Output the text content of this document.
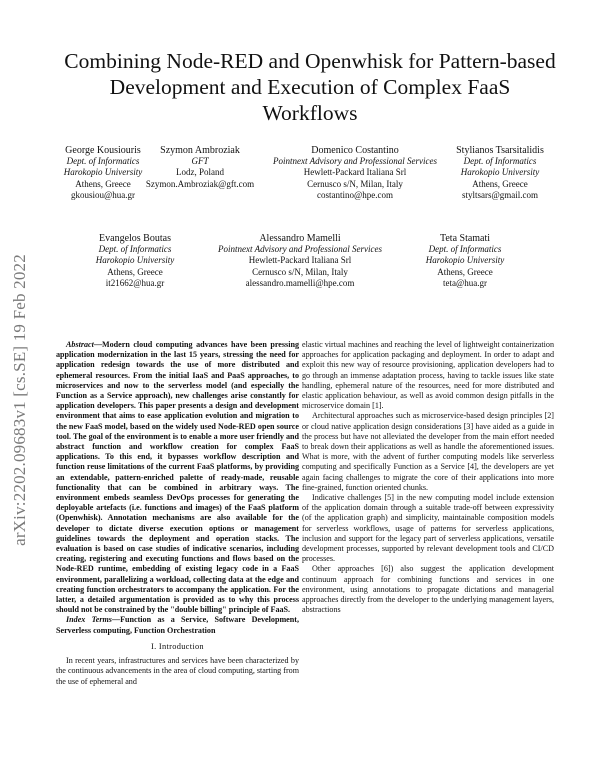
arXiv:2202.09683v1 [cs.SE] 19 Feb 2022
Combining Node-RED and Openwhisk for Pattern-based Development and Execution of Complex FaaS Workflows
George Kousiouris
Dept. of Informatics
Harokopio University
Athens, Greece
gkousiou@hua.gr
Szymon Ambroziak
GFT
Lodz, Poland
Szymon.Ambroziak@gft.com
Domenico Costantino
Pointnext Advisory and Professional Services
Hewlett-Packard Italiana Srl
Cernusco s/N, Milan, Italy
costantino@hpe.com
Stylianos Tsarsitalidis
Dept. of Informatics
Harokopio University
Athens, Greece
styltsars@gmail.com
Evangelos Boutas
Dept. of Informatics
Harokopio University
Athens, Greece
it21662@hua.gr
Alessandro Mamelli
Pointnext Advisory and Professional Services
Hewlett-Packard Italiana Srl
Cernusco s/N, Milan, Italy
alessandro.mamelli@hpe.com
Teta Stamati
Dept. of Informatics
Harokopio University
Athens, Greece
teta@hua.gr

Abstract—Modern cloud computing advances have been pressing application modernization in the last 15 years, stressing the need for application redesign towards the use of more distributed and ephemeral resources. From the initial IaaS and PaaS approaches, to microservices and now to the serverless model (and especially the Function as a Service approach), new challenges arise constantly for application developers. This paper presents a design and development environment that aims to ease application evolution and migration to the new FaaS model, based on the widely used Node-RED open source tool. The goal of the environment is to enable a more user friendly and abstract function and workflow creation for complex FaaS applications. To this end, it bypasses workflow description and function reuse limitations of the current FaaS platforms, by providing an extendable, pattern-enriched palette of ready-made, reusable functionality that can be combined in arbitrary ways. The environment embeds seamless DevOps processes for generating the deployable artefacts (i.e. functions and images) of the FaaS platform (Openwhisk). Annotation mechanisms are also available for the developer to dictate diverse execution options or management guidelines towards the deployment and operation stacks. The evaluation is based on case studies of indicative scenarios, including creating, registering and executing functions and flows based on the Node-RED runtime, embedding of existing legacy code in a FaaS environment, parallelizing a workload, collecting data at the edge and creating function orchestrators to accompany the application. For the latter, a detailed argumentation is provided as to why this process should not be constrained by the "double billing" principle of FaaS.

Index Terms—Function as a Service, Software Development, Serverless computing, Function Orchestration

I. Introduction

In recent years, infrastructures and services have been characterized by the continuous advancements in the area of cloud computing, starting from the use of ephemeral and

elastic virtual machines and reaching the level of lightweight containerization approaches for application packaging and deployment. In order to adapt and exploit this new way of resource provisioning, application developers had to go through an immense adaptation process, having to tackle issues like state handling, ephemeral nature of the resources, need for more distributed and elastic application behaviour, as well as avoid common design pitfalls in the microservice domain [1].

Architectural approaches such as microservice-based design principles [2] or cloud native application design considerations [3] have aided as a guide in the process but have not alleviated the developer from the main effort needed to break down their applications as well as handle the aforementioned issues. What is more, with the advent of further computing models like serverless computing and specifically Function as a Service [4], the developers are yet again facing challenges to migrate the core of their applications into more fine-grained, function oriented chunks.

Indicative challenges [5] in the new computing model include extension of the application domain through a suitable trade-off between expressivity (of the application graph) and simplicity, maintainable composition models for serverless workflows, usage of patterns for serverless applications, inclusion and support for the legacy part of serverless applications, versatile development processes, supported by relevant development tools and CI/CD processes.

Other approaches [6]) also suggest the application development continuum approach for combining functions and services in one environment, using annotations to propagate dictations and managerial approaches directly from the developer to the underlying management layers, abstractions
